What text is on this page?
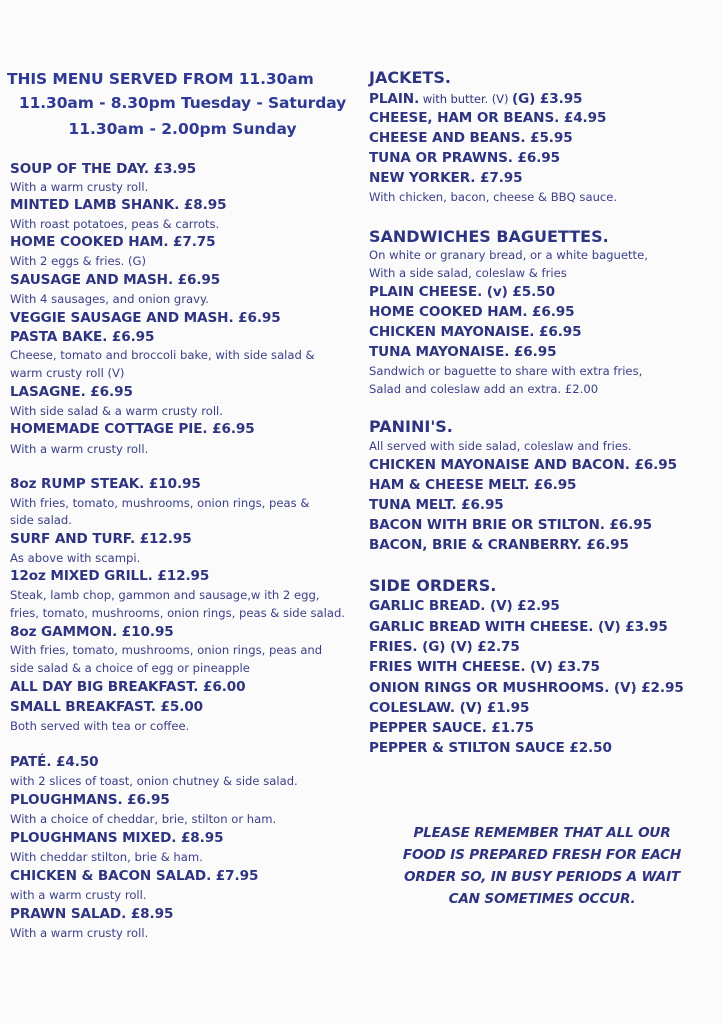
THIS MENU SERVED FROM 11.30am
11.30am - 8.30pm Tuesday - Saturday
11.30am - 2.00pm Sunday
SOUP OF THE DAY. £3.95
With a warm crusty roll.
MINTED LAMB SHANK. £8.95
With roast potatoes, peas & carrots.
HOME COOKED HAM. £7.75
With 2 eggs & fries. (G)
SAUSAGE AND MASH. £6.95
With 4 sausages, and onion gravy.
VEGGIE SAUSAGE AND MASH. £6.95
PASTA BAKE. £6.95
Cheese, tomato and broccoli bake, with side salad &
warm crusty roll (V)
LASAGNE. £6.95
With side salad & a warm crusty roll.
HOMEMADE COTTAGE PIE. £6.95
With a warm crusty roll.
8oz RUMP STEAK. £10.95
With fries, tomato, mushrooms, onion rings, peas &
side salad.
SURF AND TURF. £12.95
As above with scampi.
12oz MIXED GRILL. £12.95
Steak, lamb chop, gammon and sausage,w ith 2 egg,
fries, tomato, mushrooms, onion rings, peas & side salad.
8oz GAMMON. £10.95
With fries, tomato, mushrooms, onion rings, peas and
side salad & a choice of egg or pineapple
ALL DAY BIG BREAKFAST. £6.00
SMALL BREAKFAST. £5.00
Both served with tea or coffee.
PATÉ. £4.50
with 2 slices of toast, onion chutney & side salad.
PLOUGHMANS. £6.95
With a choice of cheddar, brie, stilton or ham.
PLOUGHMANS MIXED. £8.95
With cheddar stilton, brie & ham.
CHICKEN & BACON SALAD. £7.95
with a warm crusty roll.
PRAWN SALAD. £8.95
With a warm crusty roll.
JACKETS.
PLAIN. with butter. (V) (G) £3.95
CHEESE, HAM OR BEANS. £4.95
CHEESE AND BEANS. £5.95
TUNA OR PRAWNS. £6.95
NEW YORKER. £7.95
With chicken, bacon, cheese & BBQ sauce.
SANDWICHES BAGUETTES.
On white or granary bread, or a white baguette,
With a side salad, coleslaw & fries
PLAIN CHEESE. (v) £5.50
HOME COOKED HAM. £6.95
CHICKEN MAYONAISE. £6.95
TUNA MAYONAISE. £6.95
Sandwich or baguette to share with extra fries,
Salad and coleslaw add an extra. £2.00
PANINI'S.
All served with side salad, coleslaw and fries.
CHICKEN MAYONAISE AND BACON. £6.95
HAM & CHEESE MELT. £6.95
TUNA MELT. £6.95
BACON WITH BRIE OR STILTON. £6.95
BACON, BRIE & CRANBERRY. £6.95
SIDE ORDERS.
GARLIC BREAD. (V) £2.95
GARLIC BREAD WITH CHEESE. (V) £3.95
FRIES. (G) (V) £2.75
FRIES WITH CHEESE. (V) £3.75
ONION RINGS OR MUSHROOMS. (V) £2.95
COLESLAW. (V) £1.95
PEPPER SAUCE. £1.75
PEPPER & STILTON SAUCE £2.50
PLEASE REMEMBER THAT ALL OUR
FOOD IS PREPARED FRESH FOR EACH
ORDER SO, IN BUSY PERIODS A WAIT
CAN SOMETIMES OCCUR.
